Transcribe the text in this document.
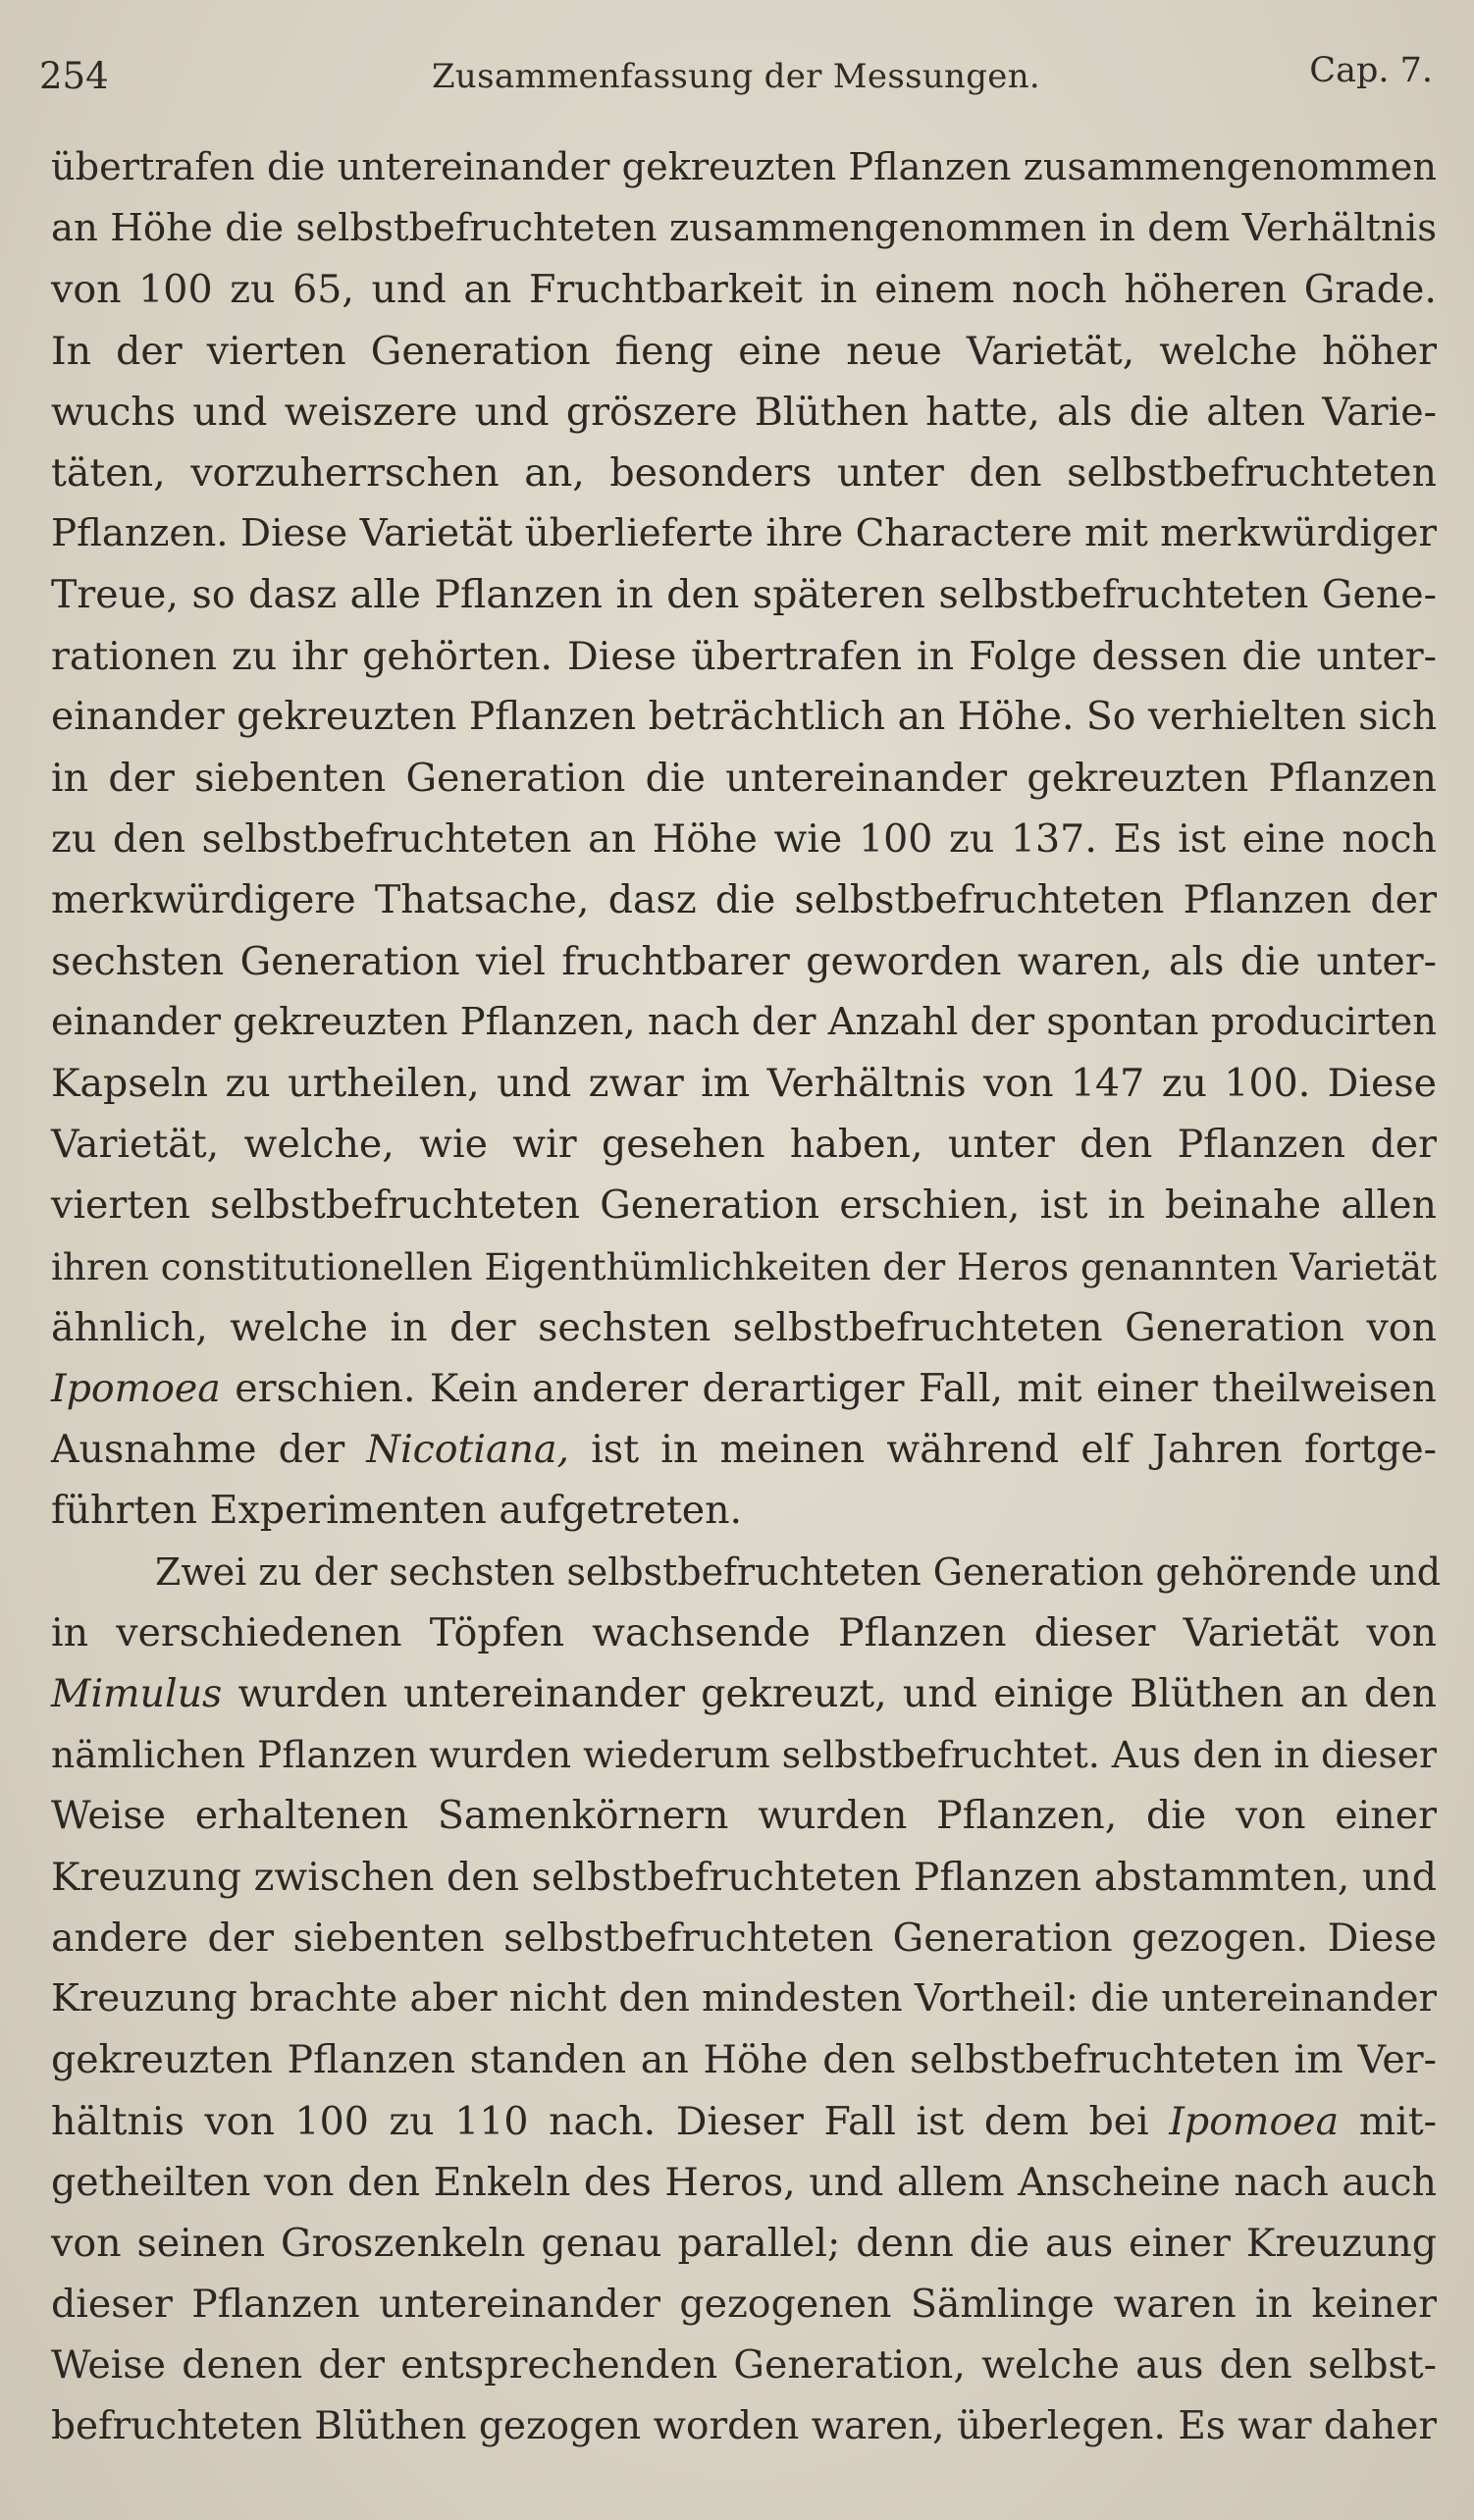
254	Zusammenfassung der Messungen.	Cap. 7.
übertrafen die untereinander gekreuzten Pflanzen zusammengenommen
an Höhe die selbstbefruchteten zusammengenommen in dem Verhältnis
von 100 zu 65, und an Fruchtbarkeit in einem noch höheren Grade.
In der vierten Generation fieng eine neue Varietät, welche höher
wuchs und weiszere und gröszere Blüthen hatte, als die alten Varie-
täten, vorzuherrschen an, besonders unter den selbstbefruchteten
Pflanzen. Diese Varietät überlieferte ihre Charactere mit merkwürdiger
Treue, so dasz alle Pflanzen in den späteren selbstbefruchteten Gene-
rationen zu ihr gehörten. Diese übertrafen in Folge dessen die unter-
einander gekreuzten Pflanzen beträchtlich an Höhe. So verhielten sich
in der siebenten Generation die untereinander gekreuzten Pflanzen
zu den selbstbefruchteten an Höhe wie 100 zu 137. Es ist eine noch
merkwürdigere Thatsache, dasz die selbstbefruchteten Pflanzen der
sechsten Generation viel fruchtbarer geworden waren, als die unter-
einander gekreuzten Pflanzen, nach der Anzahl der spontan producirten
Kapseln zu urtheilen, und zwar im Verhältnis von 147 zu 100. Diese
Varietät, welche, wie wir gesehen haben, unter den Pflanzen der
vierten selbstbefruchteten Generation erschien, ist in beinahe allen
ihren constitutionellen Eigenthümlichkeiten der Heros genannten Varietät
ähnlich, welche in der sechsten selbstbefruchteten Generation von
Ipomoea erschien. Kein anderer derartiger Fall, mit einer theilweisen
Ausnahme der Nicotiana, ist in meinen während elf Jahren fortge-
führten Experimenten aufgetreten.
Zwei zu der sechsten selbstbefruchteten Generation gehörende und
in verschiedenen Töpfen wachsende Pflanzen dieser Varietät von
Mimulus wurden untereinander gekreuzt, und einige Blüthen an den
nämlichen Pflanzen wurden wiederum selbstbefruchtet. Aus den in dieser
Weise erhaltenen Samenkörnern wurden Pflanzen, die von einer
Kreuzung zwischen den selbstbefruchteten Pflanzen abstammten, und
andere der siebenten selbstbefruchteten Generation gezogen. Diese
Kreuzung brachte aber nicht den mindesten Vortheil: die untereinander
gekreuzten Pflanzen standen an Höhe den selbstbefruchteten im Ver-
hältnis von 100 zu 110 nach. Dieser Fall ist dem bei Ipomoea mit-
getheilten von den Enkeln des Heros, und allem Anscheine nach auch
von seinen Groszenkeln genau parallel; denn die aus einer Kreuzung
dieser Pflanzen untereinander gezogenen Sämlinge waren in keiner
Weise denen der entsprechenden Generation, welche aus den selbst-
befruchteten Blüthen gezogen worden waren, überlegen. Es war daher
